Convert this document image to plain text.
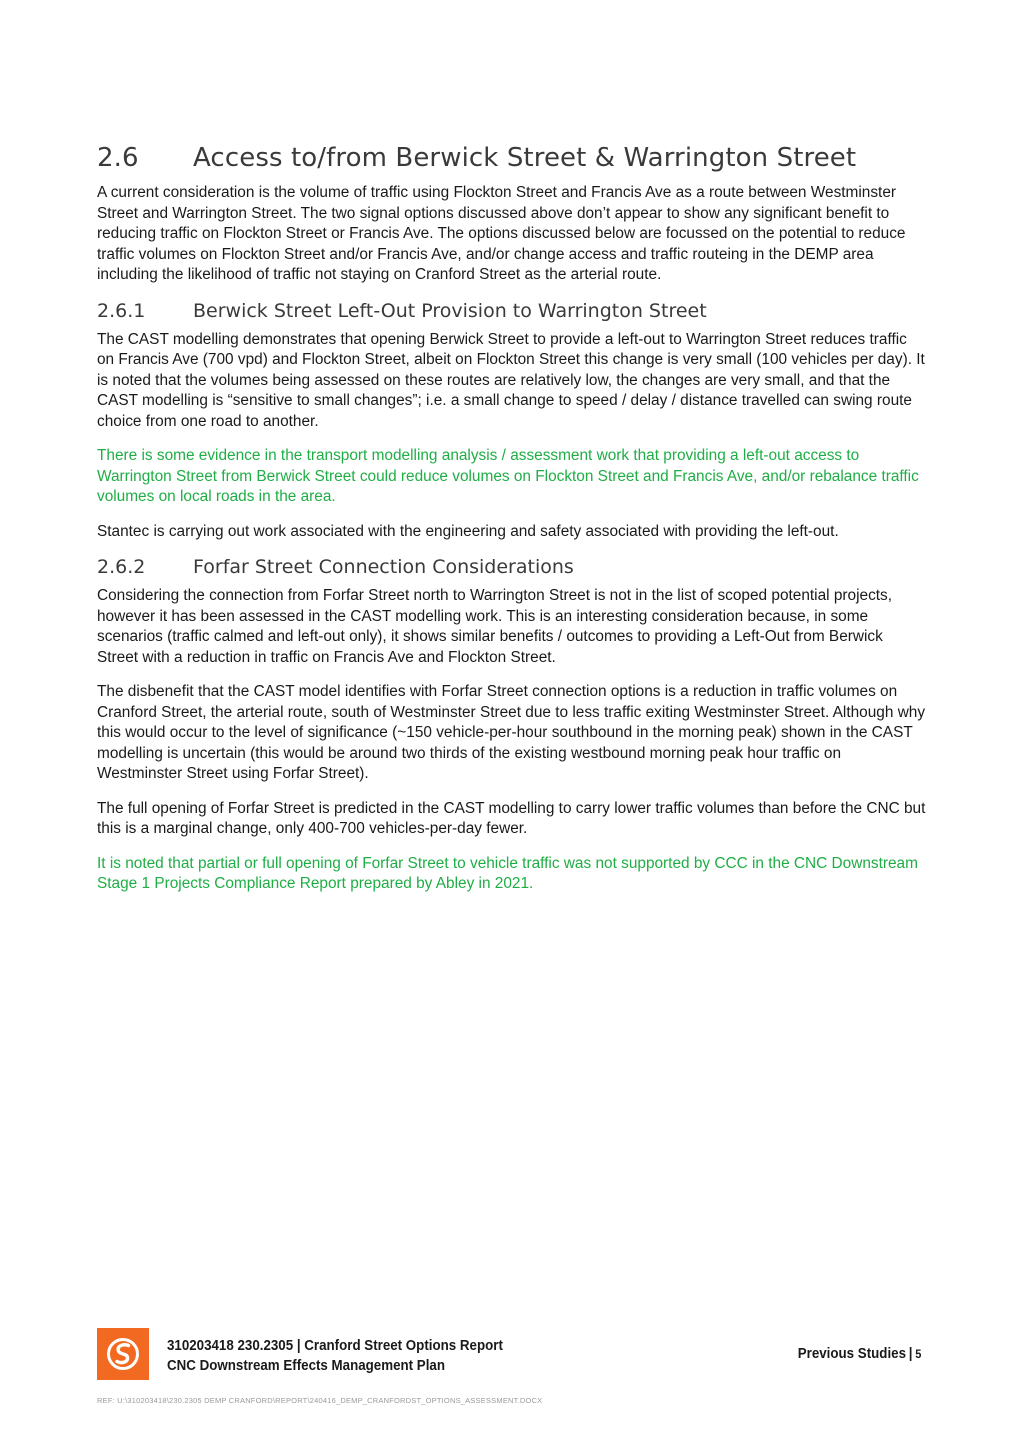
2.6	Access to/from Berwick Street & Warrington Street

A current consideration is the volume of traffic using Flockton Street and Francis Ave as a route between Westminster Street and Warrington Street. The two signal options discussed above don’t appear to show any significant benefit to reducing traffic on Flockton Street or Francis Ave. The options discussed below are focussed on the potential to reduce traffic volumes on Flockton Street and/or Francis Ave, and/or change access and traffic routeing in the DEMP area including the likelihood of traffic not staying on Cranford Street as the arterial route.

2.6.1	Berwick Street Left-Out Provision to Warrington Street

The CAST modelling demonstrates that opening Berwick Street to provide a left-out to Warrington Street reduces traffic on Francis Ave (700 vpd) and Flockton Street, albeit on Flockton Street this change is very small (100 vehicles per day). It is noted that the volumes being assessed on these routes are relatively low, the changes are very small, and that the CAST modelling is “sensitive to small changes”; i.e. a small change to speed / delay / distance travelled can swing route choice from one road to another.

There is some evidence in the transport modelling analysis / assessment work that providing a left-out access to Warrington Street from Berwick Street could reduce volumes on Flockton Street and Francis Ave, and/or rebalance traffic volumes on local roads in the area.

Stantec is carrying out work associated with the engineering and safety associated with providing the left-out.

2.6.2	Forfar Street Connection Considerations

Considering the connection from Forfar Street north to Warrington Street is not in the list of scoped potential projects, however it has been assessed in the CAST modelling work. This is an interesting consideration because, in some scenarios (traffic calmed and left-out only), it shows similar benefits / outcomes to providing a Left-Out from Berwick Street with a reduction in traffic on Francis Ave and Flockton Street.

The disbenefit that the CAST model identifies with Forfar Street connection options is a reduction in traffic volumes on Cranford Street, the arterial route, south of Westminster Street due to less traffic exiting Westminster Street. Although why this would occur to the level of significance (~150 vehicle-per-hour southbound in the morning peak) shown in the CAST modelling is uncertain (this would be around two thirds of the existing westbound morning peak hour traffic on Westminster Street using Forfar Street).

The full opening of Forfar Street is predicted in the CAST modelling to carry lower traffic volumes than before the CNC but this is a marginal change, only 400-700 vehicles-per-day fewer.

It is noted that partial or full opening of Forfar Street to vehicle traffic was not supported by CCC in the CNC Downstream Stage 1 Projects Compliance Report prepared by Abley in 2021.

310203418 230.2305 | Cranford Street Options Report
CNC Downstream Effects Management Plan
Previous Studies | 5
REF: U:\310203418\230.2305 DEMP CRANFORD\REPORT\240416_DEMP_CRANFORDST_OPTIONS_ASSESSMENT.DOCX
